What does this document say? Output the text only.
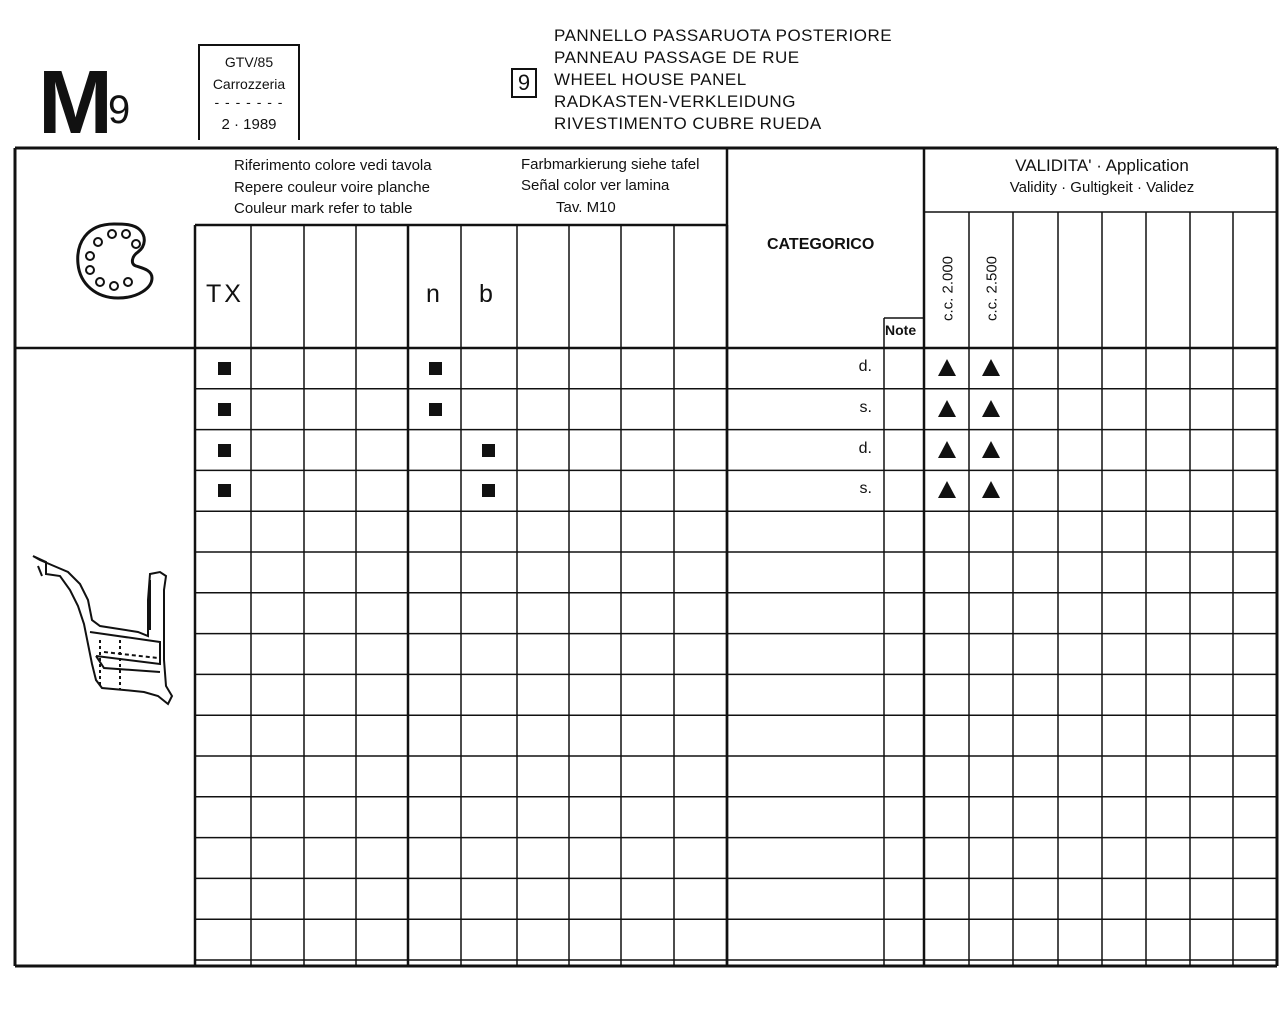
M
9
GTV/85
Carrozzeria
- - - - - - -
2 · 1989
9
PANNELLO PASSARUOTA POSTERIORE
PANNEAU PASSAGE DE RUE
WHEEL HOUSE PANEL
RADKASTEN-VERKLEIDUNG
RIVESTIMENTO CUBRE RUEDA
Riferimento colore vedi tavola
Repere couleur voire planche
Couleur mark refer to table
Farbmarkierung siehe tafel
Señal color ver lamina
Tav. M10
VALIDITA' · Application
Validity · Gultigkeit · Validez
CATEGORICO
Note
TX	n b	c.c. 2.000 c.c. 2.500
d.
s.
d.
s.
